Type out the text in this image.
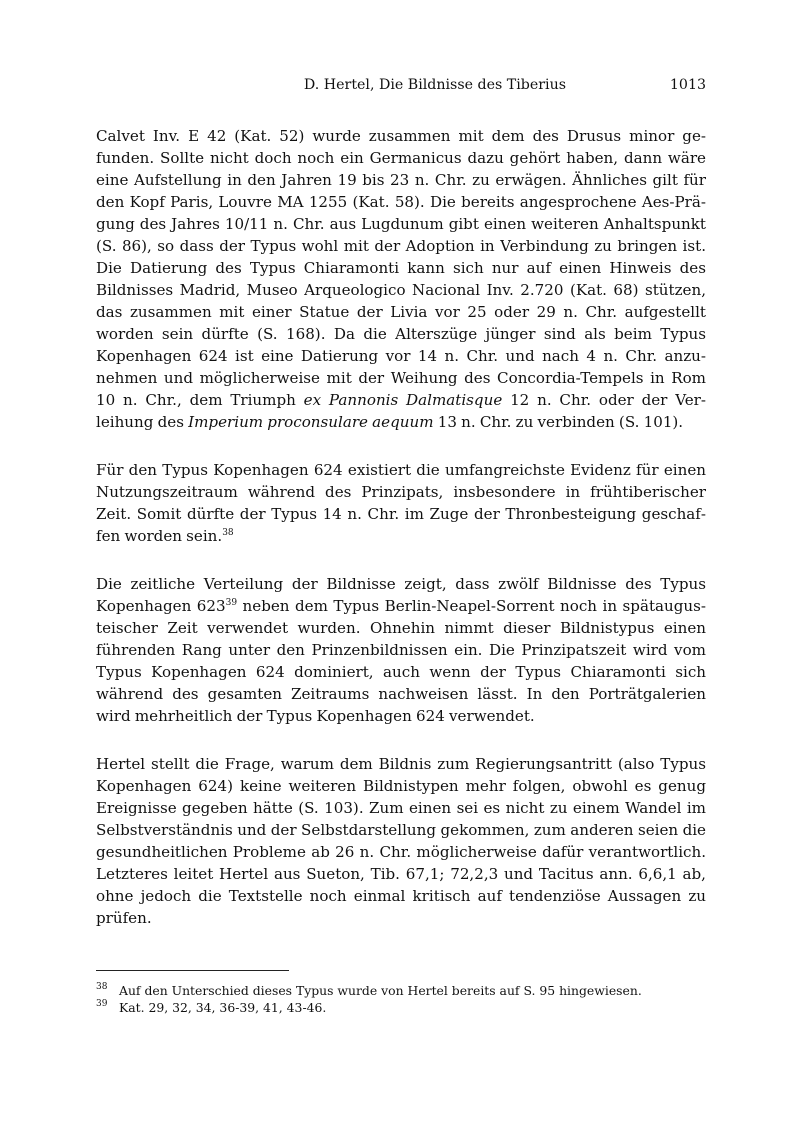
D. Hertel, Die Bildnisse des Tiberius	1013

Calvet Inv. E 42 (Kat. 52) wurde zusammen mit dem des Drusus minor gefunden. Sollte nicht doch noch ein Germanicus dazu gehört haben, dann wäre eine Aufstellung in den Jahren 19 bis 23 n. Chr. zu erwägen. Ähnliches gilt für den Kopf Paris, Louvre MA 1255 (Kat. 58). Die bereits angesprochene Aes-Prägung des Jahres 10/11 n. Chr. aus Lugdunum gibt einen weiteren Anhaltspunkt (S. 86), so dass der Typus wohl mit der Adoption in Verbindung zu bringen ist. Die Datierung des Typus Chiaramonti kann sich nur auf einen Hinweis des Bildnisses Madrid, Museo Arqueologico Nacional Inv. 2.720 (Kat. 68) stützen, das zusammen mit einer Statue der Livia vor 25 oder 29 n. Chr. aufgestellt worden sein dürfte (S. 168). Da die Alterszüge jünger sind als beim Typus Kopenhagen 624 ist eine Datierung vor 14 n. Chr. und nach 4 n. Chr. anzunehmen und möglicherweise mit der Weihung des Concordia-Tempels in Rom 10 n. Chr., dem Triumph ex Pannonis Dalmatisque 12 n. Chr. oder der Verleihung des Imperium proconsulare aequum 13 n. Chr. zu verbinden (S. 101).

Für den Typus Kopenhagen 624 existiert die umfangreichste Evidenz für einen Nutzungszeitraum während des Prinzipats, insbesondere in frühtiberischer Zeit. Somit dürfte der Typus 14 n. Chr. im Zuge der Thronbesteigung geschaffen worden sein.$^{38}$

Die zeitliche Verteilung der Bildnisse zeigt, dass zwölf Bildnisse des Typus Kopenhagen $623^{39}$ neben dem Typus Berlin-Neapel-Sorrent noch in spätaugusteischer Zeit verwendet wurden. Ohnehin nimmt dieser Bildnistypus einen führenden Rang unter den Prinzenbildnissen ein. Die Prinzipatszeit wird vom Typus Kopenhagen 624 dominiert, auch wenn der Typus Chiaramonti sich während des gesamten Zeitraums nachweisen lässt. In den Porträtgalerien wird mehrheitlich der Typus Kopenhagen 624 verwendet.

Hertel stellt die Frage, warum dem Bildnis zum Regierungsantritt (also Typus Kopenhagen 624) keine weiteren Bildnistypen mehr folgen, obwohl es genug Ereignisse gegeben hätte (S. 103). Zum einen sei es nicht zu einem Wandel im Selbstverständnis und der Selbstdarstellung gekommen, zum anderen seien die gesundheitlichen Probleme ab 26 n. Chr. möglicherweise dafür verantwortlich. Letzteres leitet Hertel aus Sueton, Tib. 67,1; 72,2,3 und Tacitus ann. 6,6,1 ab, ohne jedoch die Textstelle noch einmal kritisch auf tendenziöse Aussagen zu prüfen.

38 Auf den Unterschied dieses Typus wurde von Hertel bereits auf S. 95 hingewiesen.
39 Kat. 29, 32, 34, 36-39, 41, 43-46.
